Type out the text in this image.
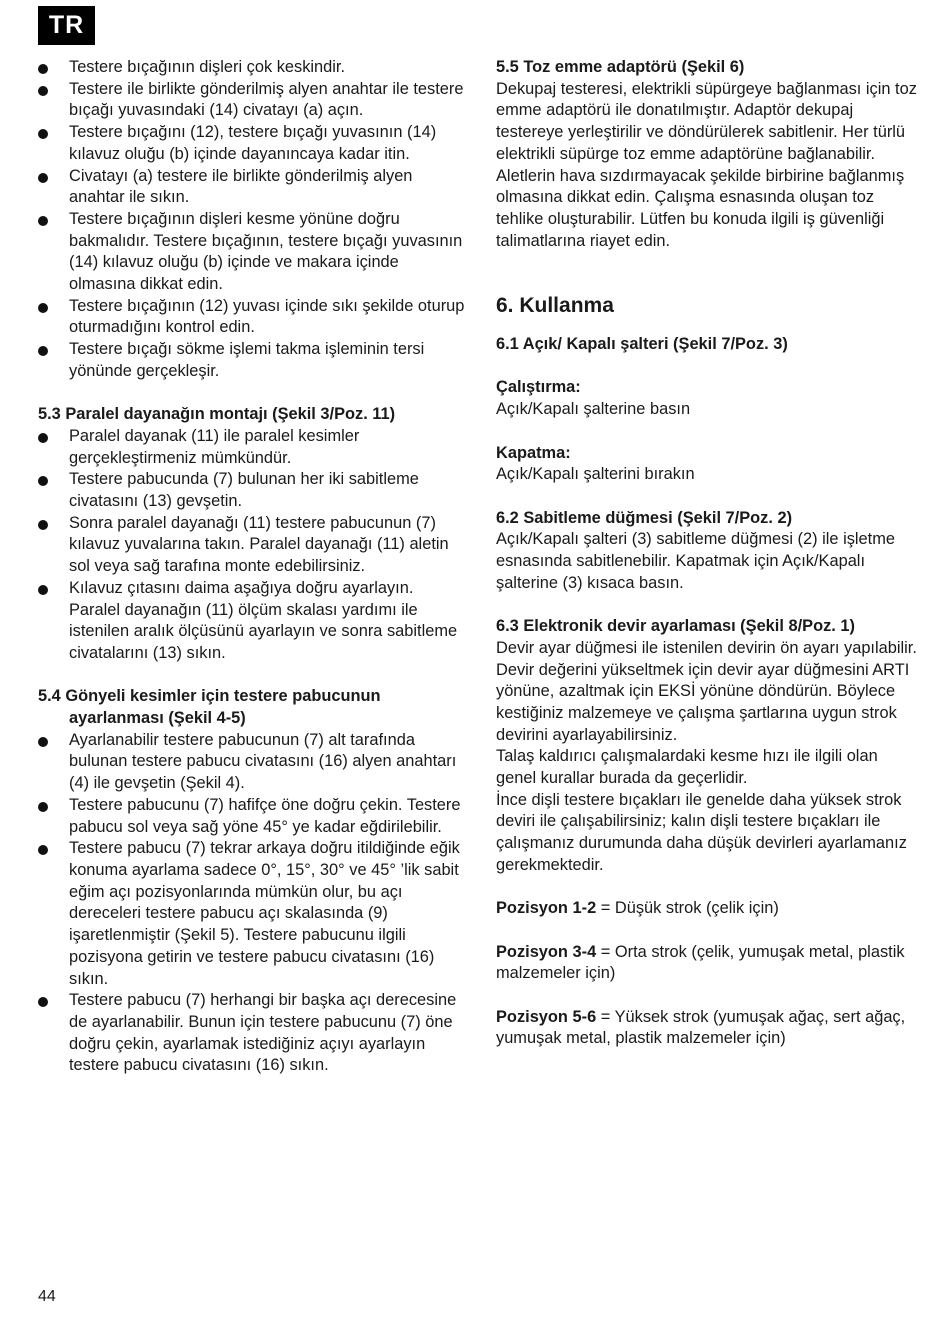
TR

Testere bıçağının dişleri çok keskindir.

Testere ile birlikte gönderilmiş alyen anahtar ile testere bıçağı yuvasındaki (14) civatayı (a) açın.

Testere bıçağını (12), testere bıçağı yuvasının (14) kılavuz oluğu (b) içinde dayanıncaya kadar itin.

Civatayı (a) testere ile birlikte gönderilmiş alyen anahtar ile sıkın.

Testere bıçağının dişleri kesme yönüne doğru bakmalıdır. Testere bıçağının, testere bıçağı yuvasının (14) kılavuz oluğu (b) içinde ve makara içinde olmasına dikkat edin.

Testere bıçağının (12) yuvası içinde sıkı şekilde oturup oturmadığını kontrol edin.

Testere bıçağı sökme işlemi takma işleminin tersi yönünde gerçekleşir.

5.3 Paralel dayanağın montajı (Şekil 3/Poz. 11)

Paralel dayanak (11) ile paralel kesimler gerçekleştirmeniz mümkündür.

Testere pabucunda (7) bulunan her iki sabitleme civatasını (13) gevşetin.

Sonra paralel dayanağı (11) testere pabucunun (7) kılavuz yuvalarına takın. Paralel dayanağı (11) aletin sol veya sağ tarafına monte edebilirsiniz.

Kılavuz çıtasını daima aşağıya doğru ayarlayın. Paralel dayanağın (11) ölçüm skalası yardımı ile istenilen aralık ölçüsünü ayarlayın ve sonra sabitleme civatalarını (13) sıkın.

5.4 Gönyeli kesimler için testere pabucunun

ayarlanması (Şekil 4-5)

Ayarlanabilir testere pabucunun (7) alt tarafında bulunan testere pabucu civatasını (16) alyen anahtarı (4) ile gevşetin (Şekil 4).

Testere pabucunu (7) hafifçe öne doğru çekin. Testere pabucu sol veya sağ yöne 45° ye kadar eğdirilebilir.

Testere pabucu (7) tekrar arkaya doğru itildiğinde eğik konuma ayarlama sadece 0°, 15°, 30° ve 45° ’lik sabit eğim açı pozisyonlarında mümkün olur, bu açı dereceleri testere pabucu açı skalasında (9) işaretlenmiştir (Şekil 5). Testere pabucunu ilgili pozisyona getirin ve testere pabucu civatasını (16) sıkın.

Testere pabucu (7) herhangi bir başka açı derecesine de ayarlanabilir. Bunun için testere pabucunu (7) öne doğru çekin, ayarlamak istediğiniz açıyı ayarlayın testere pabucu civatasını (16) sıkın.

5.5 Toz emme adaptörü (Şekil 6)

Dekupaj testeresi, elektrikli süpürgeye bağlanması için toz emme adaptörü ile donatılmıştır. Adaptör dekupaj testereye yerleştirilir ve döndürülerek sabitlenir. Her türlü elektrikli süpürge toz emme adaptörüne bağlanabilir. Aletlerin hava sızdırmayacak şekilde birbirine bağlanmış olmasına dikkat edin. Çalışma esnasında oluşan toz tehlike oluşturabilir. Lütfen bu konuda ilgili iş güvenliği talimatlarına riayet edin.

6. Kullanma

6.1 Açık/ Kapalı şalteri (Şekil 7/Poz. 3)

Çalıştırma:

Açık/Kapalı şalterine basın

Kapatma:

Açık/Kapalı şalterini bırakın

6.2 Sabitleme düğmesi (Şekil 7/Poz. 2)

Açık/Kapalı şalteri (3) sabitleme düğmesi (2) ile işletme esnasında sabitlenebilir. Kapatmak için Açık/Kapalı şalterine (3) kısaca basın.

6.3 Elektronik devir ayarlaması (Şekil 8/Poz. 1)

Devir ayar düğmesi ile istenilen devirin ön ayarı yapılabilir. Devir değerini yükseltmek için devir ayar düğmesini ARTI yönüne, azaltmak için EKSİ yönüne döndürün. Böylece kestiğiniz malzemeye ve çalışma şartlarına uygun strok devirini ayarlayabilirsiniz.

Talaş kaldırıcı çalışmalardaki kesme hızı ile ilgili olan genel kurallar burada da geçerlidir.

İnce dişli testere bıçakları ile genelde daha yüksek strok deviri ile çalışabilirsiniz; kalın dişli testere bıçakları ile çalışmanız durumunda daha düşük devirleri ayarlamanız gerekmektedir.

Pozisyon 1-2 = Düşük strok (çelik için)

Pozisyon 3-4 = Orta strok (çelik, yumuşak metal, plastik malzemeler için)

Pozisyon 5-6 = Yüksek strok (yumuşak ağaç, sert ağaç, yumuşak metal, plastik malzemeler için)

44
